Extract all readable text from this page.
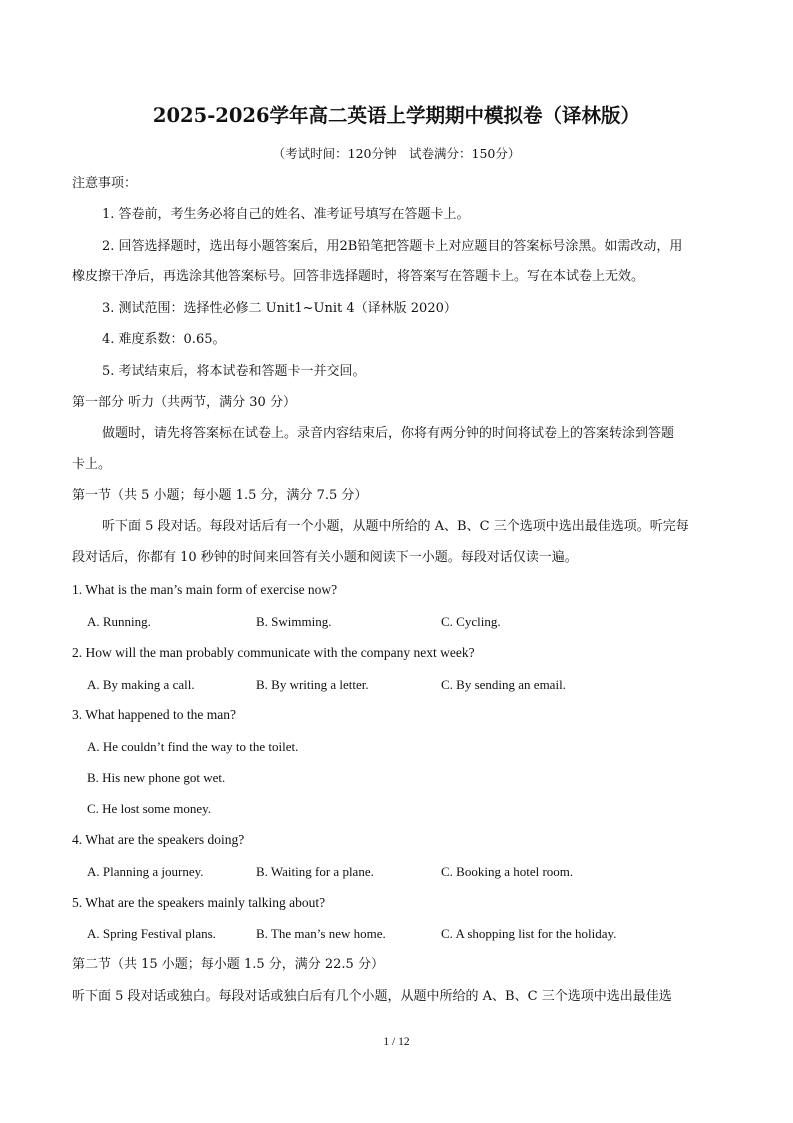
2025-2026学年高二英语上学期期中模拟卷（译林版）
（考试时间：120分钟　试卷满分：150分）
注意事项：
1. 答卷前，考生务必将自己的姓名、准考证号填写在答题卡上。
2. 回答选择题时，选出每小题答案后，用2B铅笔把答题卡上对应题目的答案标号涂黑。如需改动，用
橡皮擦干净后，再选涂其他答案标号。回答非选择题时，将答案写在答题卡上。写在本试卷上无效。
3. 测试范围：选择性必修二 Unit1~Unit 4（译林版 2020）
4. 难度系数：0.65。
5. 考试结束后，将本试卷和答题卡一并交回。
第一部分 听力（共两节，满分 30 分）
做题时，请先将答案标在试卷上。录音内容结束后，你将有两分钟的时间将试卷上的答案转涂到答题
卡上。
第一节（共 5 小题；每小题 1.5 分，满分 7.5 分）
听下面 5 段对话。每段对话后有一个小题，从题中所给的 A、B、C 三个选项中选出最佳选项。听完每
段对话后，你都有 10 秒钟的时间来回答有关小题和阅读下一小题。每段对话仅读一遍。
1. What is the man’s main form of exercise now?
A. Running.	B. Swimming.	C. Cycling.
2. How will the man probably communicate with the company next week?
A. By making a call.	B. By writing a letter.	C. By sending an email.
3. What happened to the man?
A. He couldn’t find the way to the toilet.
B. His new phone got wet.
C. He lost some money.
4. What are the speakers doing?
A. Planning a journey.	B. Waiting for a plane.	C. Booking a hotel room.
5. What are the speakers mainly talking about?
A. Spring Festival plans.	B. The man’s new home.	C. A shopping list for the holiday.
第二节（共 15 小题；每小题 1.5 分，满分 22.5 分）
听下面 5 段对话或独白。每段对话或独白后有几个小题，从题中所给的 A、B、C 三个选项中选出最佳选
1 / 12
